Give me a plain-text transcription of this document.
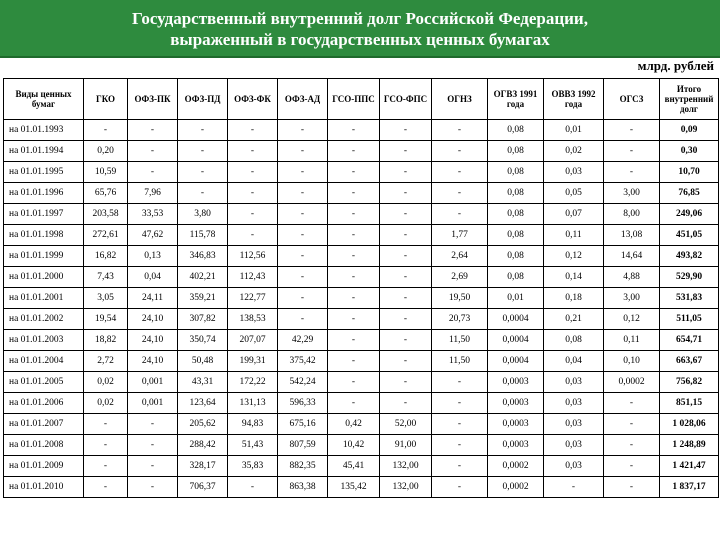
Государственный внутренний долг Российской Федерации,
выраженный в государственных ценных бумагах
млрд. рублей
Виды ценных бумаг	ГКО	ОФЗ-ПК	ОФЗ-ПД	ОФЗ-ФК	ОФЗ-АД	ГСО-ППС	ГСО-ФПС	ОГНЗ	ОГВЗ 1991 года	ОВВЗ 1992 года	ОГСЗ	Итого внутренний долг
на 01.01.1993	-	-	-	-	-	-	-	-	0,08	0,01	-	0,09
на 01.01.1994	0,20	-	-	-	-	-	-	-	0,08	0,02	-	0,30
на 01.01.1995	10,59	-	-	-	-	-	-	-	0,08	0,03	-	10,70
на 01.01.1996	65,76	7,96	-	-	-	-	-	-	0,08	0,05	3,00	76,85
на 01.01.1997	203,58	33,53	3,80	-	-	-	-	-	0,08	0,07	8,00	249,06
на 01.01.1998	272,61	47,62	115,78	-	-	-	-	1,77	0,08	0,11	13,08	451,05
на 01.01.1999	16,82	0,13	346,83	112,56	-	-	-	2,64	0,08	0,12	14,64	493,82
на 01.01.2000	7,43	0,04	402,21	112,43	-	-	-	2,69	0,08	0,14	4,88	529,90
на 01.01.2001	3,05	24,11	359,21	122,77	-	-	-	19,50	0,01	0,18	3,00	531,83
на 01.01.2002	19,54	24,10	307,82	138,53	-	-	-	20,73	0,0004	0,21	0,12	511,05
на 01.01.2003	18,82	24,10	350,74	207,07	42,29	-	-	11,50	0,0004	0,08	0,11	654,71
на 01.01.2004	2,72	24,10	50,48	199,31	375,42	-	-	11,50	0,0004	0,04	0,10	663,67
на 01.01.2005	0,02	0,001	43,31	172,22	542,24	-	-	-	0,0003	0,03	0,0002	756,82
на 01.01.2006	0,02	0,001	123,64	131,13	596,33	-	-	-	0,0003	0,03	-	851,15
на 01.01.2007	-	-	205,62	94,83	675,16	0,42	52,00	-	0,0003	0,03	-	1 028,06
на 01.01.2008	-	-	288,42	51,43	807,59	10,42	91,00	-	0,0003	0,03	-	1 248,89
на 01.01.2009	-	-	328,17	35,83	882,35	45,41	132,00	-	0,0002	0,03	-	1 421,47
на 01.01.2010	-	-	706,37	-	863,38	135,42	132,00	-	0,0002	-	-	1 837,17
